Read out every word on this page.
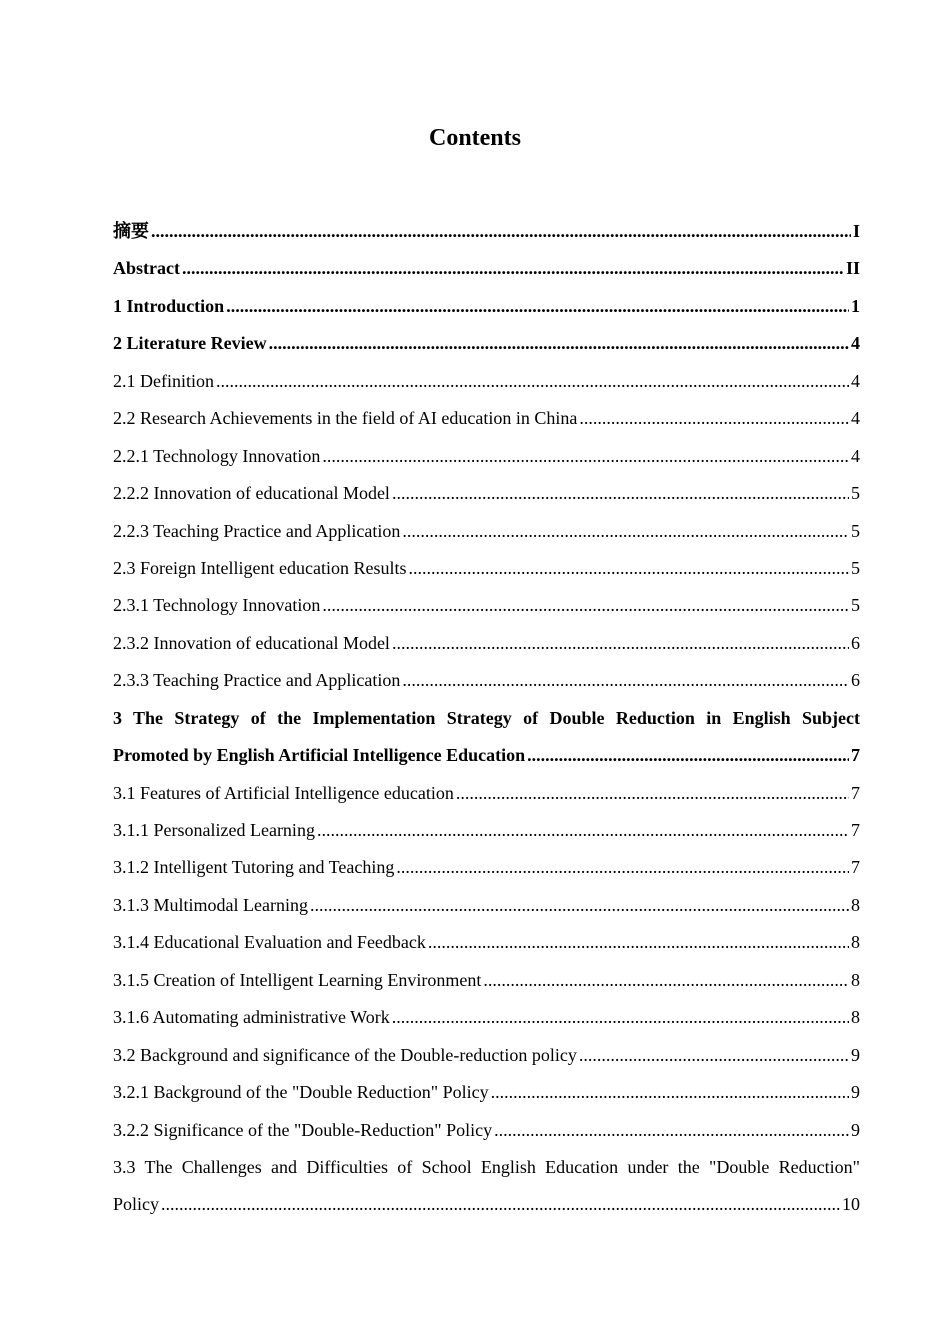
Contents
摘要 .....	I
Abstract .....	II
1 Introduction .....	1
2 Literature Review .....	4
2.1 Definition .....	4
2.2 Research Achievements in the field of AI education in China .....	4
2.2.1 Technology Innovation .....	4
2.2.2 Innovation of educational Model .....	5
2.2.3 Teaching Practice and Application .....	5
2.3 Foreign Intelligent education Results .....	5
2.3.1 Technology Innovation .....	5
2.3.2 Innovation of educational Model .....	6
2.3.3 Teaching Practice and Application .....	6
3 The Strategy of the Implementation Strategy of Double Reduction in English Subject
Promoted by English Artificial Intelligence Education .....	7
3.1 Features of Artificial Intelligence education .....	7
3.1.1 Personalized Learning .....	7
3.1.2 Intelligent Tutoring and Teaching .....	7
3.1.3 Multimodal Learning .....	8
3.1.4 Educational Evaluation and Feedback .....	8
3.1.5 Creation of Intelligent Learning Environment .....	8
3.1.6 Automating administrative Work .....	8
3.2 Background and significance of the Double-reduction policy .....	9
3.2.1 Background of the "Double Reduction" Policy .....	9
3.2.2 Significance of the "Double-Reduction" Policy .....	9
3.3 The Challenges and Difficulties of School English Education under the "Double Reduction"
Policy .....	10
